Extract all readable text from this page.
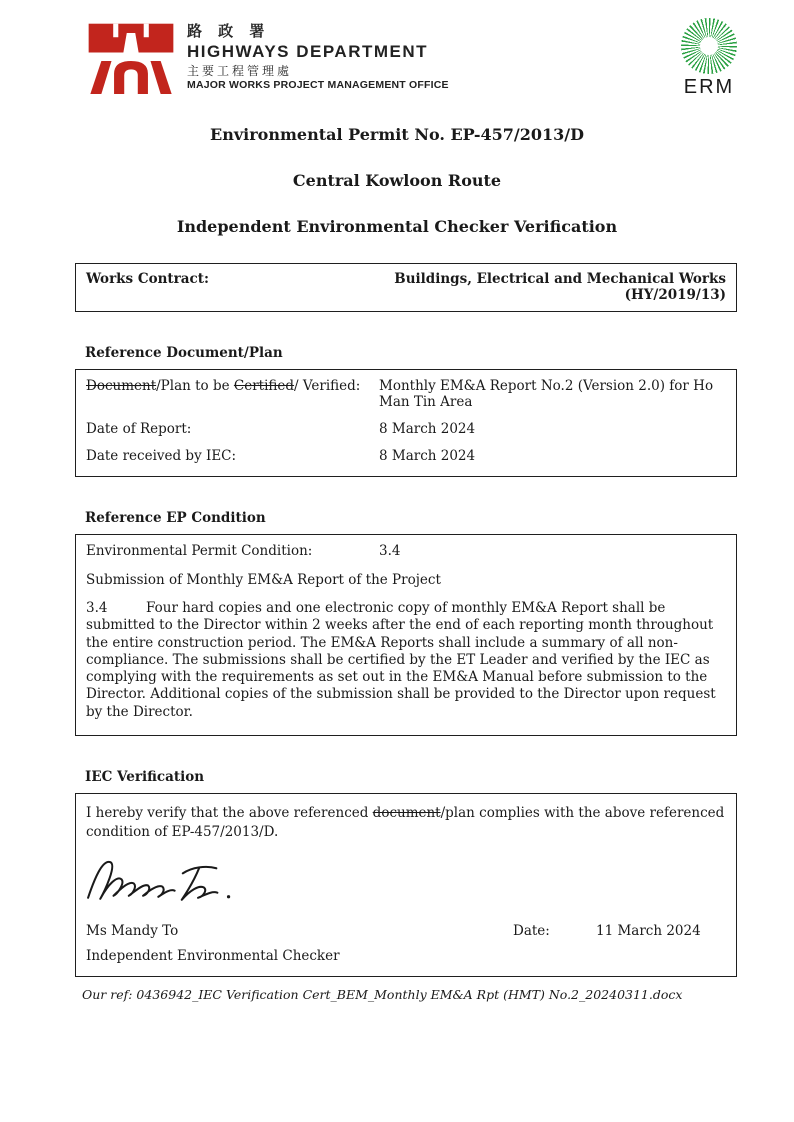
路 政 署
HIGHWAYS DEPARTMENT
主要工程管理處
MAJOR WORKS PROJECT MANAGEMENT OFFICE	ERM
Environmental Permit No. EP-457/2013/D
Central Kowloon Route
Independent Environmental Checker Verification
Works Contract:	Buildings, Electrical and Mechanical Works (HY/2019/13)
Reference Document/Plan
Document/Plan to be Certified/ Verified:	Monthly EM&A Report No.2 (Version 2.0) for Ho Man Tin Area
Date of Report:	8 March 2024
Date received by IEC:	8 March 2024
Reference EP Condition
Environmental Permit Condition:	3.4
Submission of Monthly EM&A Report of the Project

3.4	Four hard copies and one electronic copy of monthly EM&A Report shall be submitted to the Director within 2 weeks after the end of each reporting month throughout the entire construction period. The EM&A Reports shall include a summary of all non-compliance. The submissions shall be certified by the ET Leader and verified by the IEC as complying with the requirements as set out in the EM&A Manual before submission to the Director. Additional copies of the submission shall be provided to the Director upon request by the Director.

IEC Verification
I hereby verify that the above referenced document/plan complies with the above referenced condition of EP-457/2013/D.
Ms Mandy To	Date:	11 March 2024
Independent Environmental Checker
Our ref: 0436942_IEC Verification Cert_BEM_Monthly EM&A Rpt (HMT) No.2_20240311.docx
